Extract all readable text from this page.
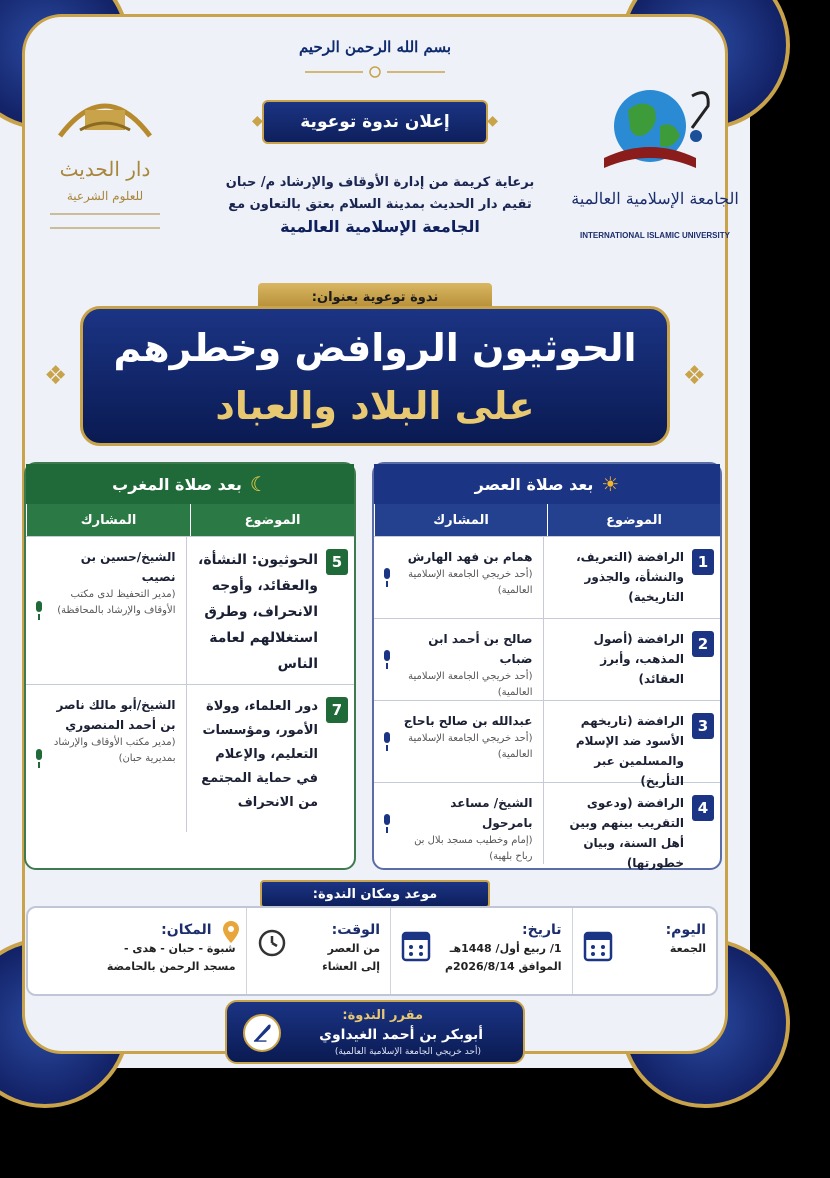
بسم الله الرحمن الرحيم
دار الحديث
للعلوم الشرعية	الجامعة الإسلامية العالمية
INTERNATIONAL ISLAMIC UNIVERSITY
◆ إعلان ندوة توعوية ◆
برعاية كريمة من إدارة الأوقاف والإرشاد م/ حبان
تقيم دار الحديث بمدينة السلام بعتق بالتعاون مع
الجامعة الإسلامية العالمية
ندوة توعوية بعنوان:
❖
❖
الحوثيون الروافض وخطرهم
على البلاد والعباد
☀
بعد صلاة العصر
الموضوع
المشارك
1
الرافضة (التعريف، والنشأة، والجذور التاريخية)
همام بن فهد الهارش
(أحد خريجي الجامعة الإسلامية العالمية)
2
الرافضة (أصول المذهب، وأبرز العقائد)
صالح بن أحمد ابن ضباب
(أحد خريجي الجامعة الإسلامية العالمية)
3
الرافضة (تاريخهم الأسود ضد الإسلام والمسلمين عبر التأريخ)
عبدالله بن صالح باحاج
(أحد خريجي الجامعة الإسلامية العالمية)
4
الرافضة (ودعوى التقريب بينهم وبين أهل السنة، وبيان خطورتها)
الشيخ/ مساعد بامرحول
(إمام وخطيب مسجد بلال بن رباح بلهية)
☾
بعد صلاة المغرب
الموضوع
المشارك
5
الحوثيون: النشأة، والعقائد، وأوجه الانحراف، وطرق استغلالهم لعامة الناس
الشيخ/حسين بن نصيب
(مدير التحفيظ لدى مكتب الأوقاف والإرشاد بالمحافظة)
7
دور العلماء، وولاة الأمور، ومؤسسات التعليم، والإعلام في حماية المجتمع من الانحراف
الشيخ/أبو مالك ناصر بن أحمد المنصوري
(مدير مكتب الأوقاف والإرشاد بمديرية حبان)
موعد ومكان الندوة:
اليوم:
الجمعة
تاريخ:
1/ ربيع أول/ 1448هـ
الموافق 2026/8/14م
الوقت:
من العصر
إلى العشاء
المكان:
شبوة - حبان - هدى -
مسجد الرحمن بالحامضة
مقرر الندوة:
أبوبكر بن أحمد الغيداوي
(أحد خريجي الجامعة الإسلامية العالمية)
